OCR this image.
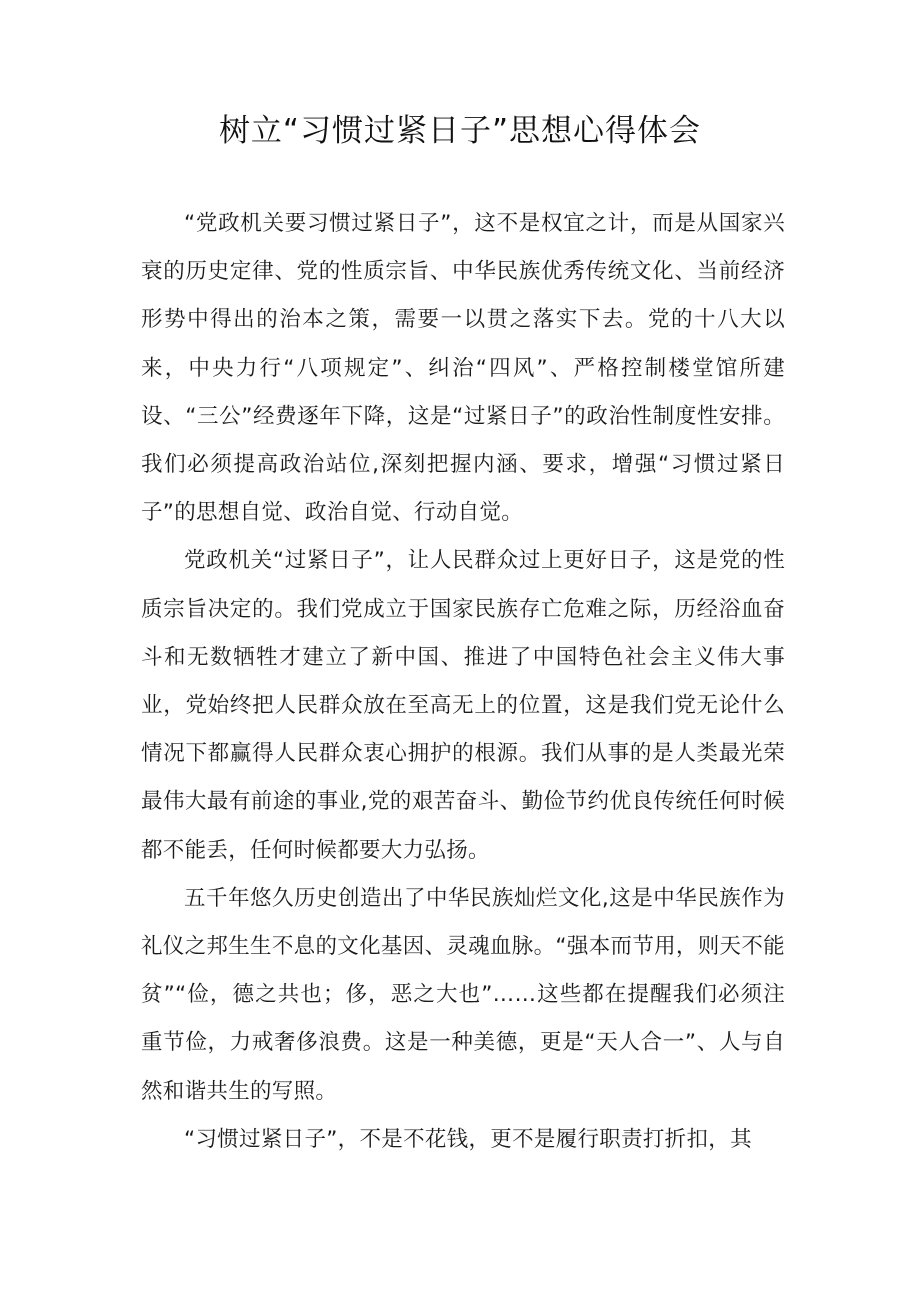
树立“习惯过紧日子”思想心得体会

“党政机关要习惯过紧日子”，这不是权宜之计，而是从国家兴衰的历史定律、党的性质宗旨、中华民族优秀传统文化、当前经济形势中得出的治本之策，需要一以贯之落实下去。党的十八大以来，中央力行“八项规定”、纠治“四风”、严格控制楼堂馆所建设、“三公”经费逐年下降，这是“过紧日子”的政治性制度性安排。我们必须提高政治站位,深刻把握内涵、要求，增强“习惯过紧日子”的思想自觉、政治自觉、行动自觉。

党政机关“过紧日子”，让人民群众过上更好日子，这是党的性质宗旨决定的。我们党成立于国家民族存亡危难之际，历经浴血奋斗和无数牺牲才建立了新中国、推进了中国特色社会主义伟大事业，党始终把人民群众放在至高无上的位置，这是我们党无论什么情况下都赢得人民群众衷心拥护的根源。我们从事的是人类最光荣最伟大最有前途的事业,党的艰苦奋斗、勤俭节约优良传统任何时候都不能丢，任何时候都要大力弘扬。

五千年悠久历史创造出了中华民族灿烂文化,这是中华民族作为礼仪之邦生生不息的文化基因、灵魂血脉。“强本而节用，则天不能贫”“俭，德之共也；侈，恶之大也”……这些都在提醒我们必须注重节俭，力戒奢侈浪费。这是一种美德，更是“天人合一”、人与自然和谐共生的写照。

“习惯过紧日子”，不是不花钱，更不是履行职责打折扣，其
